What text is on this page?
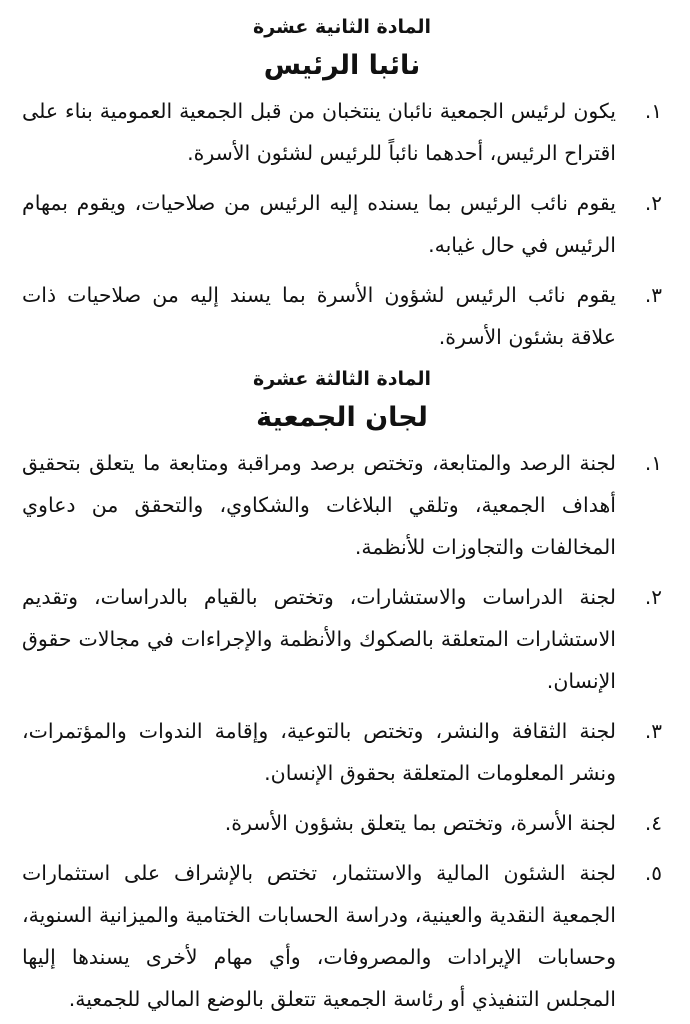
المادة الثانية عشرة
نائبا الرئيس
١.
يكون لرئيس الجمعية نائبان ينتخبان من قبل الجمعية العمومية بناء على اقتراح الرئيس، أحدهما نائباً للرئيس لشئون الأسرة.
٢.
يقوم نائب الرئيس بما يسنده إليه الرئيس من صلاحيات، ويقوم بمهام الرئيس في حال غيابه.
٣.
يقوم نائب الرئيس لشؤون الأسرة بما يسند إليه من صلاحيات ذات علاقة بشئون الأسرة.
المادة الثالثة عشرة
لجان الجمعية
١.
لجنة الرصد والمتابعة، وتختص برصد ومراقبة ومتابعة ما يتعلق بتحقيق أهداف الجمعية، وتلقي البلاغات والشكاوي، والتحقق من دعاوي المخالفات والتجاوزات للأنظمة.
٢.
لجنة الدراسات والاستشارات، وتختص بالقيام بالدراسات، وتقديم الاستشارات المتعلقة بالصكوك والأنظمة والإجراءات في مجالات حقوق الإنسان.
٣.
لجنة الثقافة والنشر، وتختص بالتوعية، وإقامة الندوات والمؤتمرات، ونشر المعلومات المتعلقة بحقوق الإنسان.
٤.
لجنة الأسرة، وتختص بما يتعلق بشؤون الأسرة.
٥.
لجنة الشئون المالية والاستثمار، تختص بالإشراف على استثمارات الجمعية النقدية والعينية، ودراسة الحسابات الختامية والميزانية السنوية، وحسابات الإيرادات والمصروفات، وأي مهام لأخرى يسندها إليها المجلس التنفيذي أو رئاسة الجمعية تتعلق بالوضع المالي للجمعية.
